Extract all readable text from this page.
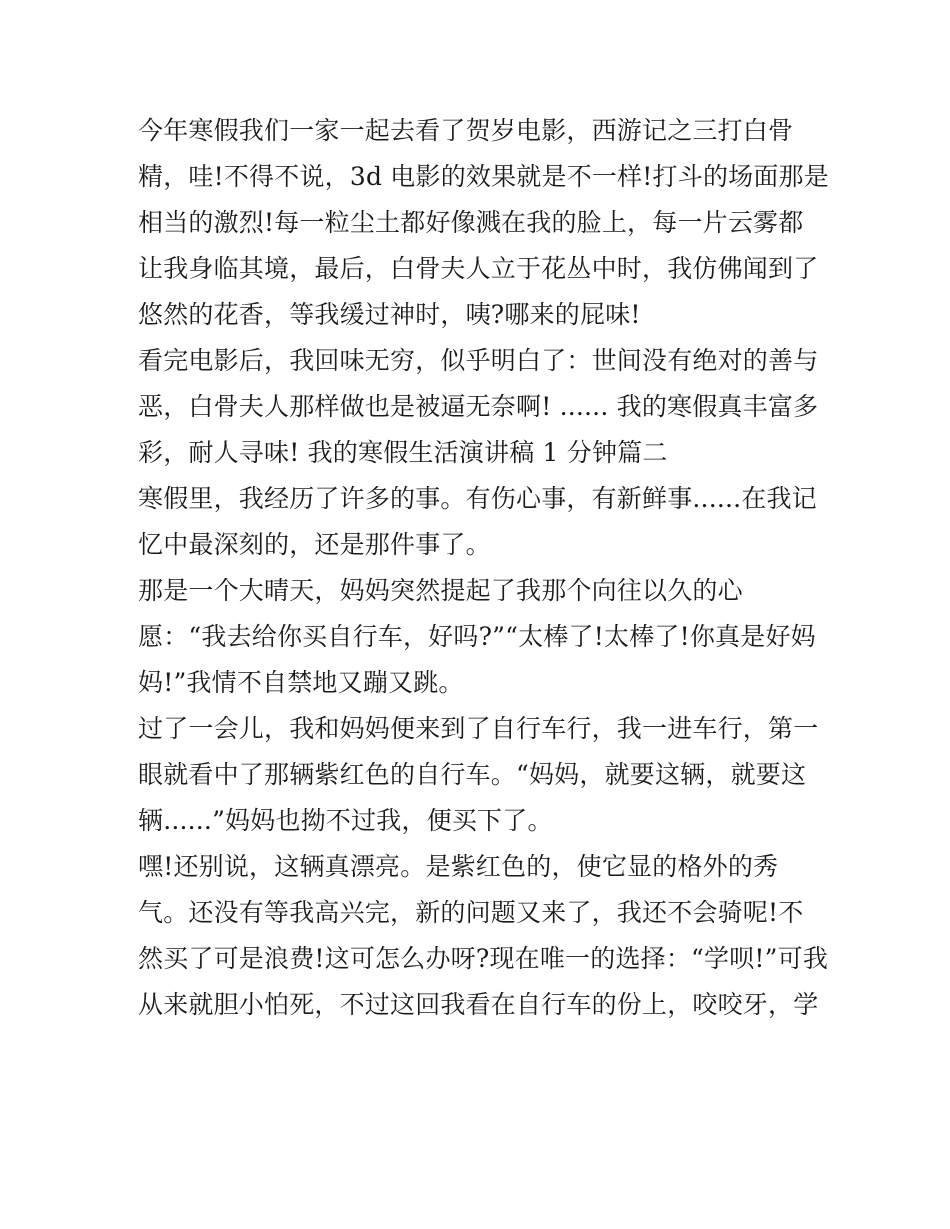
今年寒假我们一家一起去看了贺岁电影，西游记之三打白骨
精，哇!不得不说，3d 电影的效果就是不一样!打斗的场面那是
相当的激烈!每一粒尘土都好像溅在我的脸上，每一片云雾都
让我身临其境，最后，白骨夫人立于花丛中时，我仿佛闻到了
悠然的花香，等我缓过神时，咦?哪来的屁味!
看完电影后，我回味无穷，似乎明白了：世间没有绝对的善与
恶，白骨夫人那样做也是被逼无奈啊! ...... 我的寒假真丰富多
彩，耐人寻味! 我的寒假生活演讲稿 1 分钟篇二
寒假里，我经历了许多的事。有伤心事，有新鲜事......在我记
忆中最深刻的，还是那件事了。
那是一个大晴天，妈妈突然提起了我那个向往以久的心
愿：“我去给你买自行车，好吗?”“太棒了!太棒了!你真是好妈
妈!”我情不自禁地又蹦又跳。
过了一会儿，我和妈妈便来到了自行车行，我一进车行，第一
眼就看中了那辆紫红色的自行车。“妈妈，就要这辆，就要这
辆......”妈妈也拗不过我，便买下了。
嘿!还别说，这辆真漂亮。是紫红色的，使它显的格外的秀
气。还没有等我高兴完，新的问题又来了，我还不会骑呢!不
然买了可是浪费!这可怎么办呀?现在唯一的选择：“学呗!”可我
从来就胆小怕死，不过这回我看在自行车的份上，咬咬牙，学
